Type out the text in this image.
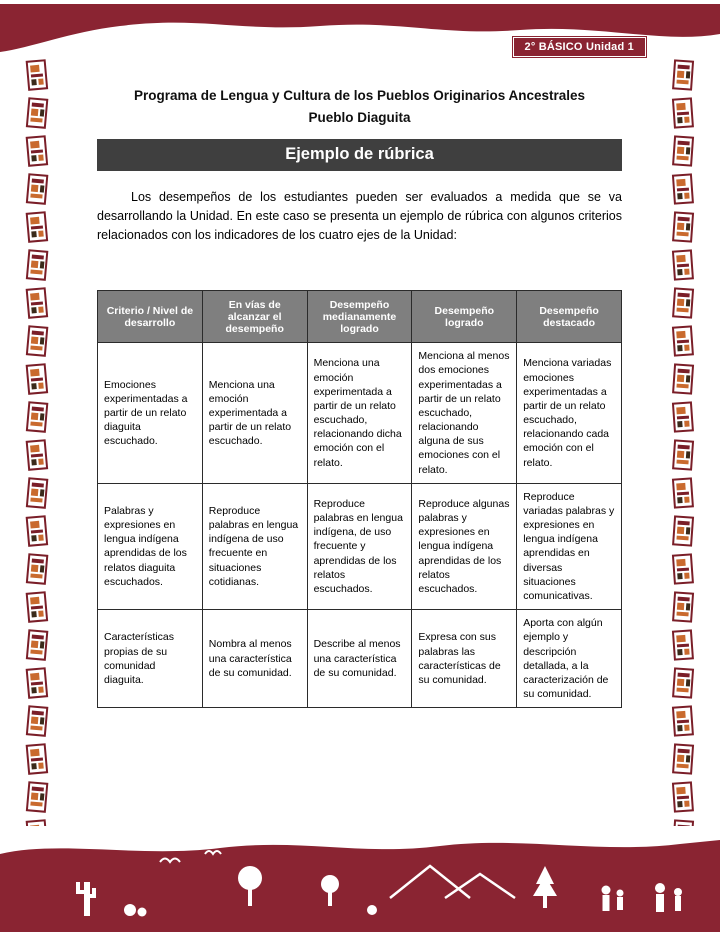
2° BÁSICO Unidad 1
Programa de Lengua y Cultura de los Pueblos Originarios Ancestrales
Pueblo Diaguita
Ejemplo de rúbrica

Los desempeños de los estudiantes pueden ser evaluados a medida que se va desarrollando la Unidad. En este caso se presenta un ejemplo de rúbrica con algunos criterios relacionados con los indicadores de los cuatro ejes de la Unidad:

Criterio / Nivel de desarrollo	En vías de alcanzar el desempeño	Desempeño medianamente logrado	Desempeño logrado	Desempeño destacado
Emociones experimentadas a partir de un relato diaguita escuchado.	Menciona una emoción experimentada a partir de un relato escuchado.	Menciona una emoción experimentada a partir de un relato escuchado, relacionando dicha emoción con el relato.	Menciona al menos dos emociones experimentadas a partir de un relato escuchado, relacionando alguna de sus emociones con el relato.	Menciona variadas emociones experimentadas a partir de un relato escuchado, relacionando cada emoción con el relato.
Palabras y expresiones en lengua indígena aprendidas de los relatos diaguita escuchados.	Reproduce palabras en lengua indígena de uso frecuente en situaciones cotidianas.	Reproduce palabras en lengua indígena, de uso frecuente y aprendidas de los relatos escuchados.	Reproduce algunas palabras y expresiones en lengua indígena aprendidas de los relatos escuchados.	Reproduce variadas palabras y expresiones en lengua indígena aprendidas en diversas situaciones comunicativas.
Características propias de su comunidad diaguita.	Nombra al menos una característica de su comunidad.	Describe al menos una característica de su comunidad.	Expresa con sus palabras las características de su comunidad.	Aporta con algún ejemplo y descripción detallada, a la caracterización de su comunidad.
